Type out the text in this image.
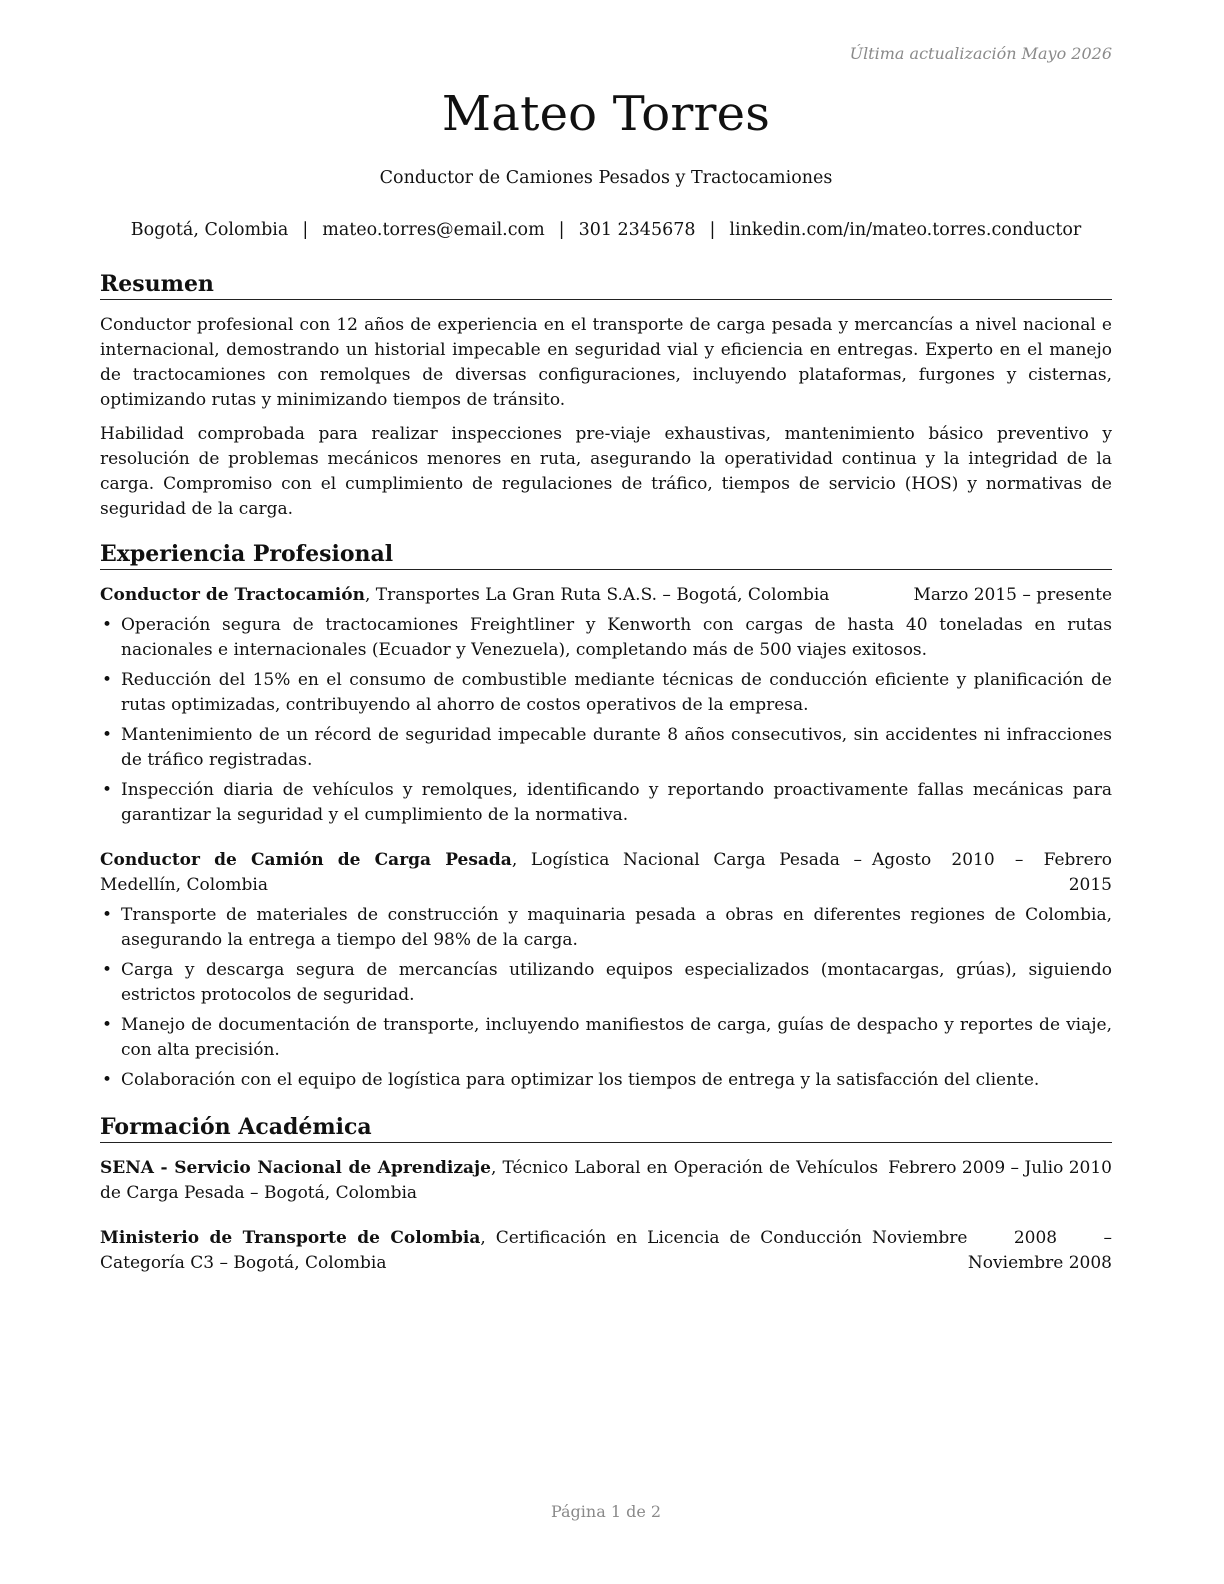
Última actualización Mayo 2026
Mateo Torres
Conductor de Camiones Pesados y Tractocamiones
Bogotá, Colombia | mateo.torres@email.com | 301 2345678 | linkedin.com/in/mateo.torres.conductor
Resumen

Conductor profesional con 12 años de experiencia en el transporte de carga pesada y mercancías a nivel nacional e internacional, demostrando un historial impecable en seguridad vial y eficiencia en entregas. Experto en el manejo de tractocamiones con remolques de diversas configuraciones, incluyendo plataformas, furgones y cisternas, optimizando rutas y minimizando tiempos de tránsito.

Habilidad comprobada para realizar inspecciones pre-viaje exhaustivas, mantenimiento básico preventivo y resolución de problemas mecánicos menores en ruta, asegurando la operatividad continua y la integridad de la carga. Compromiso con el cumplimiento de regulaciones de tráfico, tiempos de servicio (HOS) y normativas de seguridad de la carga.

Experiencia Profesional
Conductor de Tractocamión, Transportes La Gran Ruta S.A.S. – Bogotá, Colombia	Marzo 2015 – presente
• Operación segura de tractocamiones Freightliner y Kenworth con cargas de hasta 40 toneladas en rutas nacionales e internacionales (Ecuador y Venezuela), completando más de 500 viajes exitosos.
• Reducción del 15% en el consumo de combustible mediante técnicas de conducción eficiente y planificación de rutas optimizadas, contribuyendo al ahorro de costos operativos de la empresa.
• Mantenimiento de un récord de seguridad impecable durante 8 años consecutivos, sin accidentes ni infracciones de tráfico registradas.
• Inspección diaria de vehículos y remolques, identificando y reportando proactivamente fallas mecánicas para garantizar la seguridad y el cumplimiento de la normativa.
Conductor de Camión de Carga Pesada, Logística Nacional Carga Pesada – Medellín, Colombia
Agosto 2010 – Febrero 2015
• Transporte de materiales de construcción y maquinaria pesada a obras en diferentes regiones de Colombia, asegurando la entrega a tiempo del 98% de la carga.
• Carga y descarga segura de mercancías utilizando equipos especializados (montacargas, grúas), siguiendo estrictos protocolos de seguridad.
• Manejo de documentación de transporte, incluyendo manifiestos de carga, guías de despacho y reportes de viaje, con alta precisión.
• Colaboración con el equipo de logística para optimizar los tiempos de entrega y la satisfacción del cliente.
Formación Académica
SENA - Servicio Nacional de Aprendizaje, Técnico Laboral en Operación de Vehículos de Carga Pesada – Bogotá, Colombia
Febrero 2009 – Julio 2010
Ministerio de Transporte de Colombia, Certificación en Licencia de Conducción Categoría C3 – Bogotá, Colombia
Noviembre 2008 – Noviembre 2008
Página 1 de 2
